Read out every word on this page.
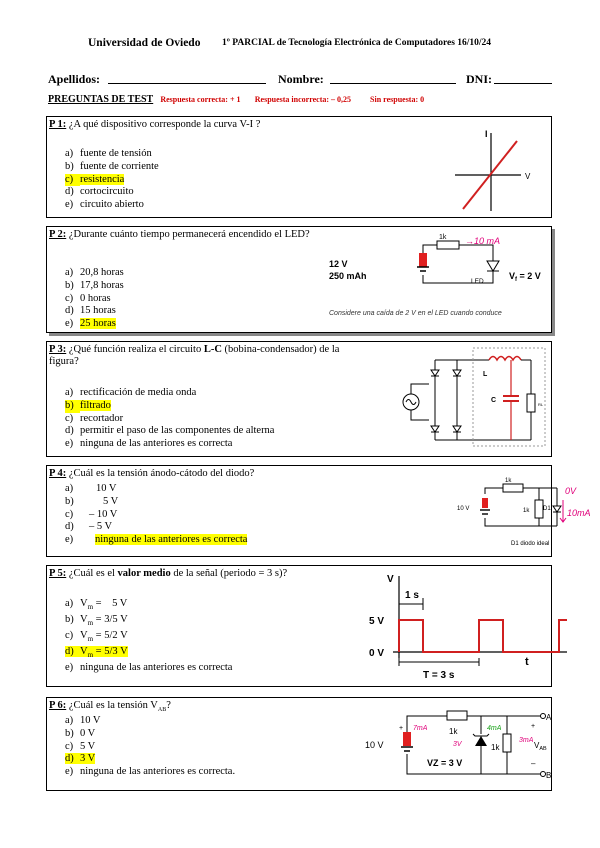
Universidad de Oviedo 1º PARCIAL de Tecnología Electrónica de Computadores 16/10/24
Apellidos:	Nombre:	DNI:
PREGUNTAS DE TEST Respuesta correcta: + 1 Respuesta incorrecta: – 0,25 Sin respuesta: 0
P 1: ¿A qué dispositivo corresponde la curva V-I ?
a) fuente de tensión
b) fuente de corriente
c) resistencia
d) cortocircuito
e) circuito abierto
I
V
P 2: ¿Durante cuánto tiempo permanecerá encendido el LED?
a) 20,8 horas
b) 17,8 horas
c) 0 horas
d) 15 horas
e) 25 horas
1k →10 mA
12 V
250 mAh
LED
$V_f = 2$ V
Considere una caída de 2 V en el LED cuando conduce
P 3: ¿Qué función realiza el circuito L-C (bobina-condensador) de la figura?
a) rectificación de media onda
b) filtrado
c) recortador
d) permitir el paso de las componentes de alterna
e) ninguna de las anteriores es correcta
L
C
RL
P 4: ¿Cuál es la tensión ánodo-cátodo del diodo?
a) 10 V
b)	5 V
c) – 10 V
d) – 5 V
e) ninguna de las anteriores es correcta
1k
1k
10 V	D1
D1 diodo ideal
0V
10mA
P 5: ¿Cuál es el valor medio de la señal (periodo = 3 s)?
a) $V_m$ =    5 V
b) $V_m = 3/5$ V
c) $V_m = 5/2$ V
d) $V_m = 5/3$ V
e) ninguna de las anteriores es correcta
1 s
V
5 V
0 V
T = 3 s
t
P 6: ¿Cuál es la tensión $V_{AB}$?
a) 10 V
b) 0 V
c) 5 V
d) 3 V
e) ninguna de las anteriores es correcta.
10 V
+	1k
1k
VZ = 3 V
A
B
+
–
$V_{AB}$
7mA	4mA
3mA
3V
